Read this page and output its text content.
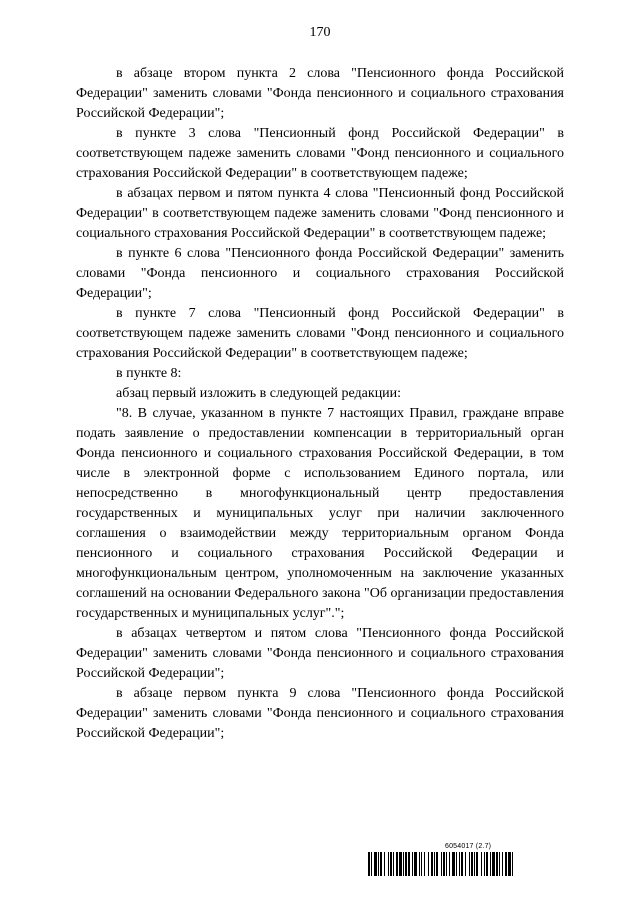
170

в абзаце втором пункта 2 слова "Пенсионного фонда Российской Федерации" заменить словами "Фонда пенсионного и социального страхования Российской Федерации";

в пункте 3 слова "Пенсионный фонд Российской Федерации" в соответствующем падеже заменить словами "Фонд пенсионного и социального страхования Российской Федерации" в соответствующем падеже;

в абзацах первом и пятом пункта 4 слова "Пенсионный фонд Российской Федерации" в соответствующем падеже заменить словами "Фонд пенсионного и социального страхования Российской Федерации" в соответствующем падеже;

в пункте 6 слова "Пенсионного фонда Российской Федерации" заменить словами "Фонда пенсионного и социального страхования Российской Федерации";

в пункте 7 слова "Пенсионный фонд Российской Федерации" в соответствующем падеже заменить словами "Фонд пенсионного и социального страхования Российской Федерации" в соответствующем падеже;

в пункте 8:

абзац первый изложить в следующей редакции:

"8. В случае, указанном в пункте 7 настоящих Правил, граждане вправе подать заявление о предоставлении компенсации в территориальный орган Фонда пенсионного и социального страхования Российской Федерации, в том числе в электронной форме с использованием Единого портала, или непосредственно в многофункциональный центр предоставления государственных и муниципальных услуг при наличии заключенного соглашения о взаимодействии между территориальным органом Фонда пенсионного и социального страхования Российской Федерации и многофункциональным центром, уполномоченным на заключение указанных соглашений на основании Федерального закона "Об организации предоставления государственных и муниципальных услуг".";

в абзацах четвертом и пятом слова "Пенсионного фонда Российской Федерации" заменить словами "Фонда пенсионного и социального страхования Российской Федерации";

в абзаце первом пункта 9 слова "Пенсионного фонда Российской Федерации" заменить словами "Фонда пенсионного и социального страхования Российской Федерации";

6054017 (2.7)
